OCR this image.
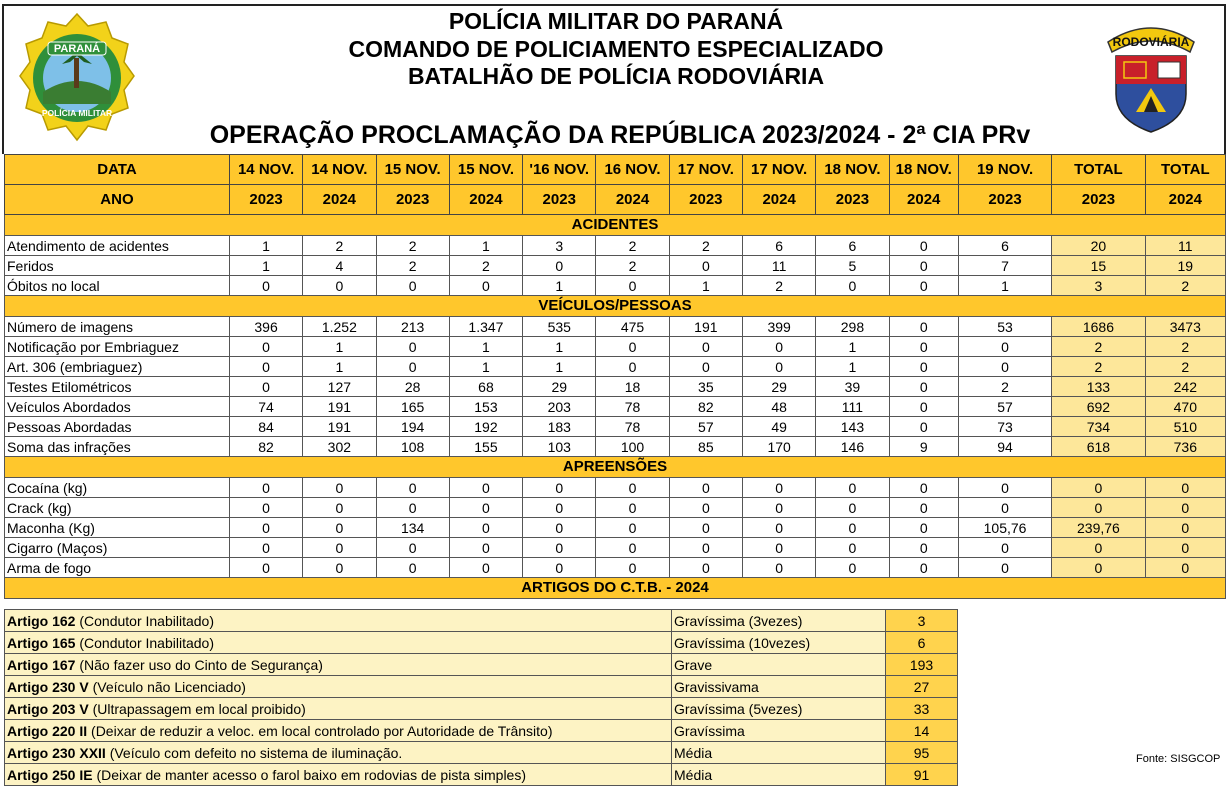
PARANÁ
POLÍCIA MILITAR
RODOVIÁRIA
POLÍCIA MILITAR DO PARANÁ
COMANDO DE POLICIAMENTO ESPECIALIZADO
BATALHÃO DE POLÍCIA RODOVIÁRIA
OPERAÇÃO PROCLAMAÇÃO DA REPÚBLICA 2023/2024 - 2ª CIA PRv
DATA	14 NOV.	14 NOV.	15 NOV.	15 NOV.	'16 NOV.	16 NOV.	17 NOV.	17 NOV.	18 NOV.	18 NOV.	19 NOV.	TOTAL	TOTAL
ANO	2023	2024	2023	2024	2023	2024	2023	2024	2023	2024	2023	2023	2024
ACIDENTES													
Atendimento de acidentes	1	2	2	1	3	2	2	6	6	0	6	20	11
Feridos	1	4	2	2	0	2	0	11	5	0	7	15	19
Óbitos no local	0	0	0	0	1	0	1	2	0	0	1	3	2
VEÍCULOS/PESSOAS													
Número de imagens	396	1.252	213	1.347	535	475	191	399	298	0	53	1686	3473
Notificação por Embriaguez	0	1	0	1	1	0	0	0	1	0	0	2	2
Art. 306 (embriaguez)	0	1	0	1	1	0	0	0	1	0	0	2	2
Testes Etilométricos	0	127	28	68	29	18	35	29	39	0	2	133	242
Veículos Abordados	74	191	165	153	203	78	82	48	111	0	57	692	470
Pessoas Abordadas	84	191	194	192	183	78	57	49	143	0	73	734	510
Soma das infrações	82	302	108	155	103	100	85	170	146	9	94	618	736
APREENSÕES													
Cocaína (kg)	0	0	0	0	0	0	0	0	0	0	0	0	0
Crack (kg)	0	0	0	0	0	0	0	0	0	0	0	0	0
Maconha (Kg)	0	0	134	0	0	0	0	0	0	0	105,76	239,76	0
Cigarro (Maços)	0	0	0	0	0	0	0	0	0	0	0	0	0
Arma de fogo	0	0	0	0	0	0	0	0	0	0	0	0	0
ARTIGOS DO C.T.B. - 2024													
Artigo 162 (Condutor Inabilitado)	Gravíssima (3vezes)	3
Artigo 165 (Condutor Inabilitado)	Gravíssima (10vezes)	6
Artigo 167 (Não fazer uso do Cinto de Segurança)	Grave	193
Artigo 230 V (Veículo não Licenciado)	Gravissivama	27
Artigo 203 V (Ultrapassagem em local proibido)	Gravíssima (5vezes)	33
Artigo 220 II (Deixar de reduzir a veloc. em local controlado por Autoridade de Trânsito)	Gravíssima	14
Artigo 230 XXII (Veículo com defeito no sistema de iluminação.	Média	95
Artigo 250 IE (Deixar de manter acesso o farol baixo em rodovias de pista simples)	Média	91
Fonte: SISGCOP
